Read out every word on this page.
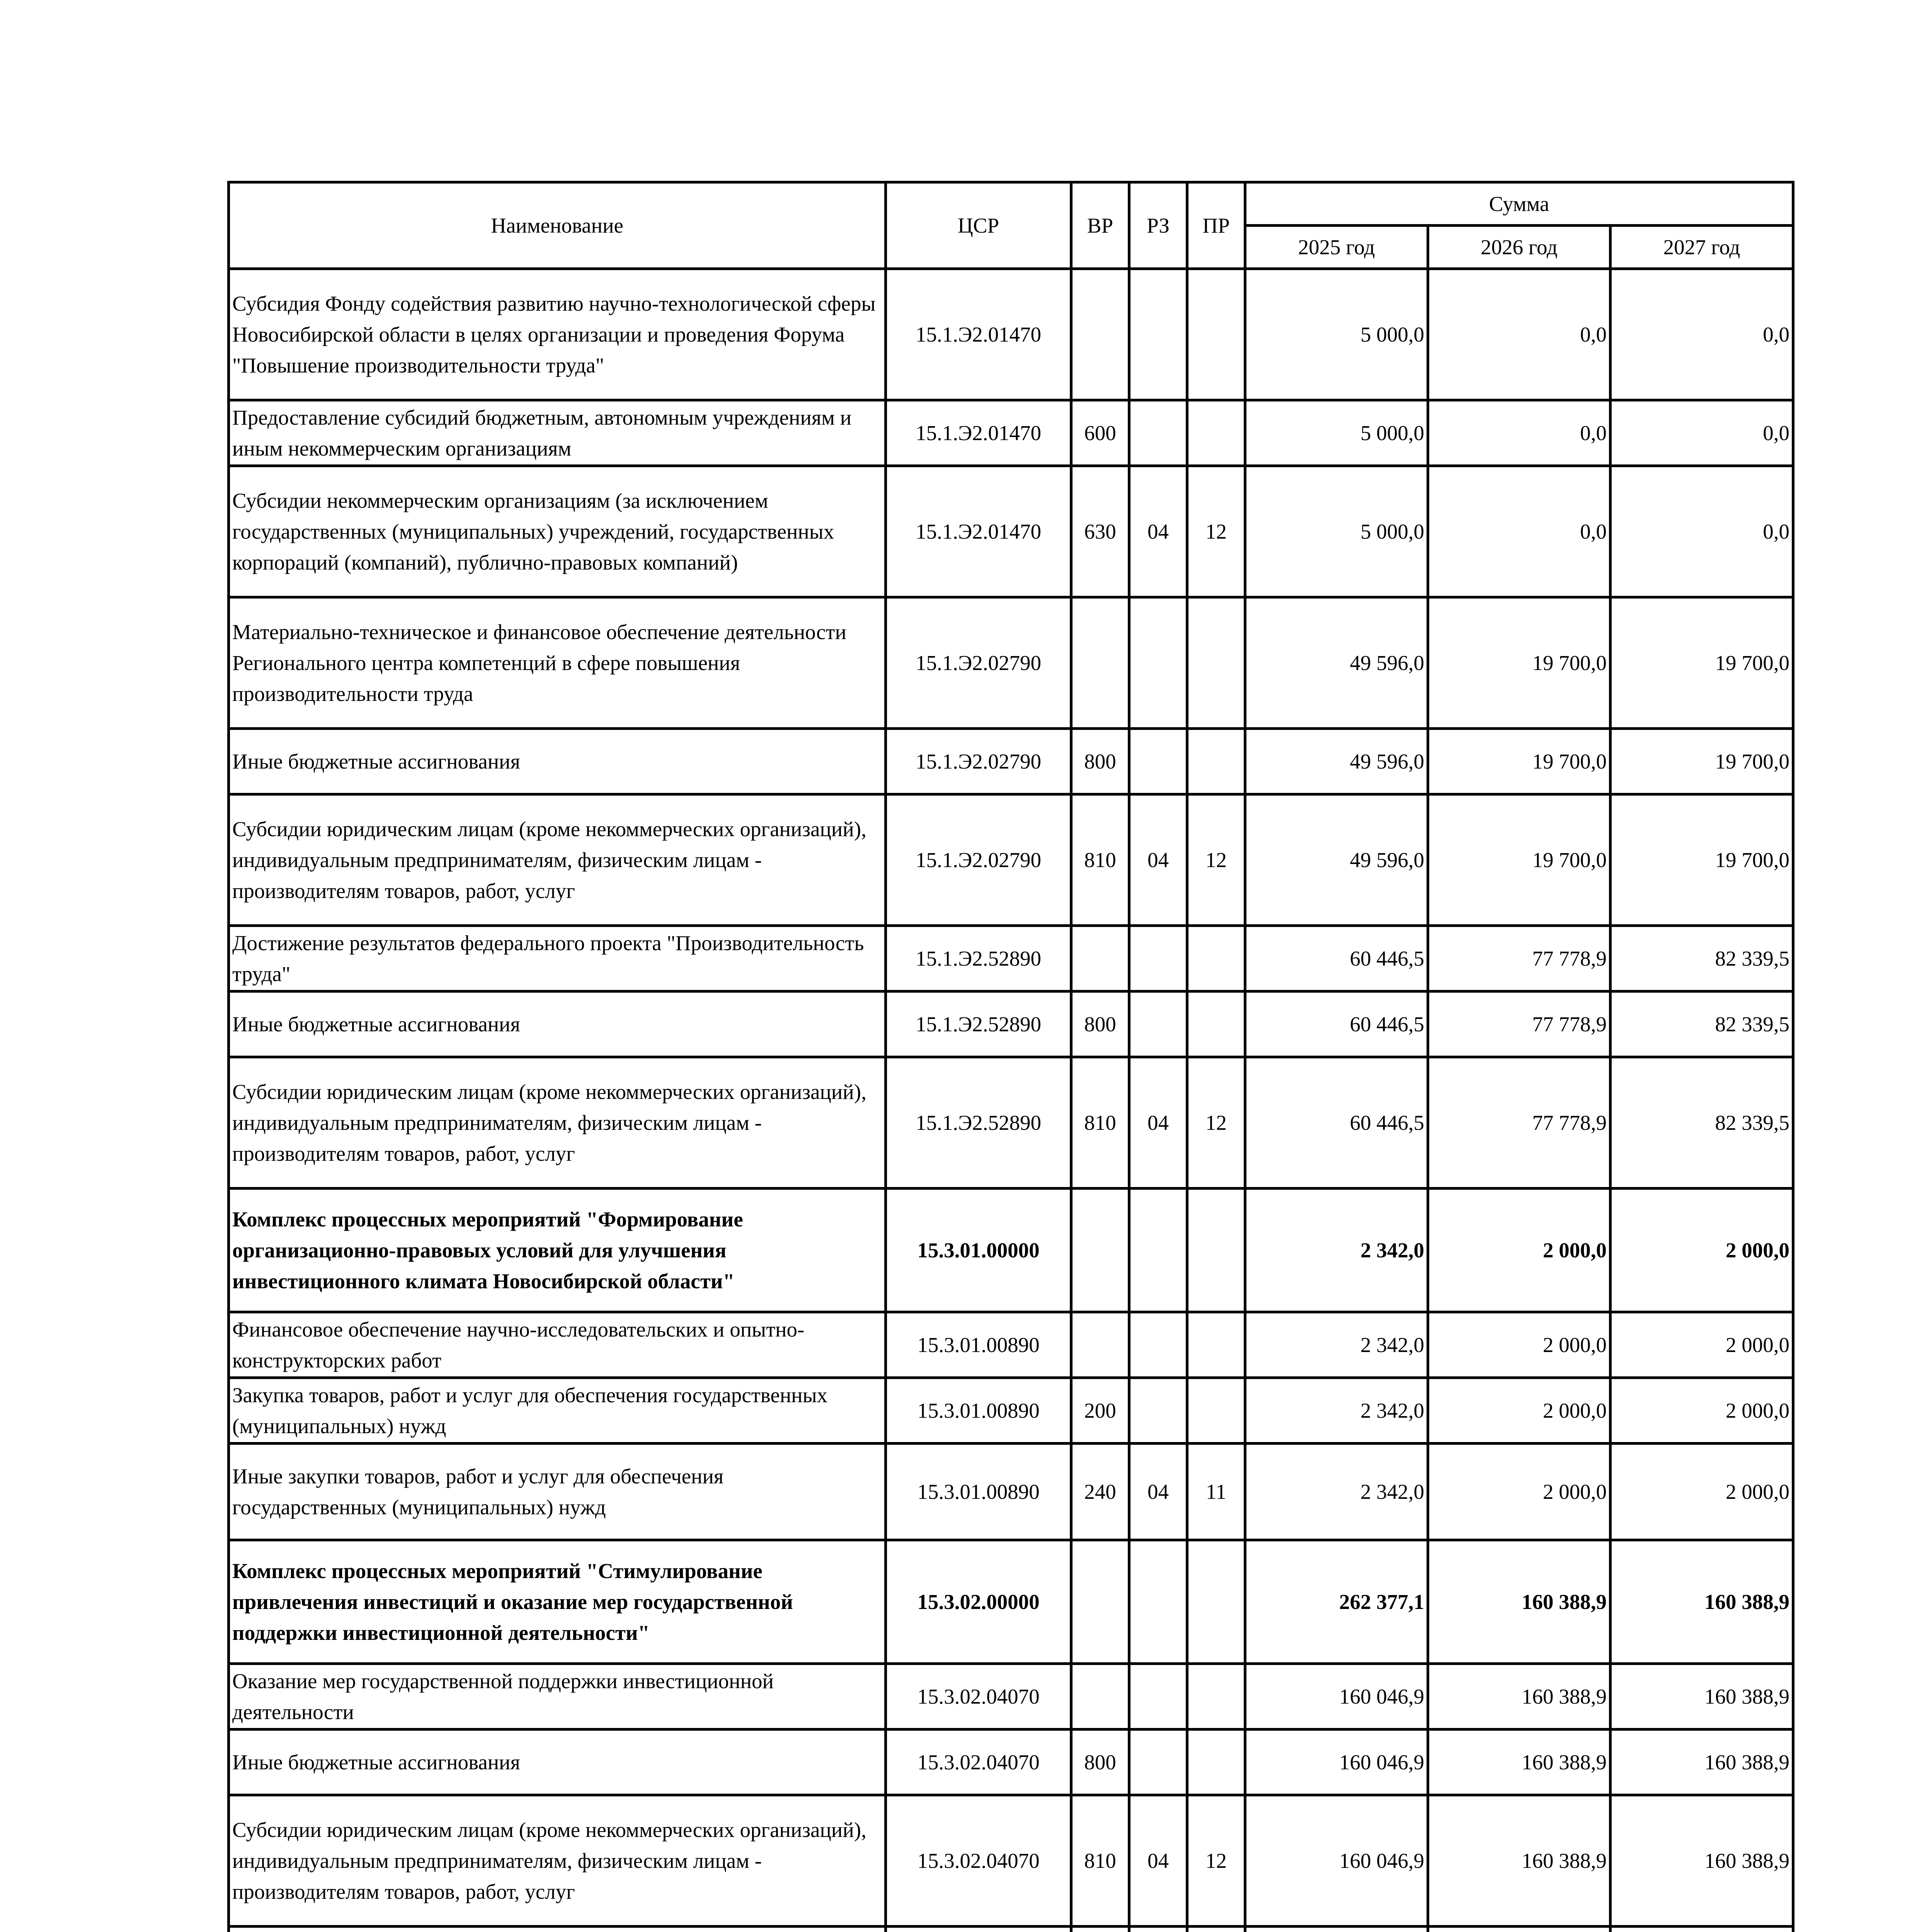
Наименование	ЦСР	ВР	РЗ	ПР	Сумма		
					2025 год	2026 год	2027 год
Субсидия Фонду содействия развитию научно-технологической сферы Новосибирской области в целях организации и проведения Форума "Повышение производительности труда"	15.1.Э2.01470				5 000,0	0,0	0,0
Предоставление субсидий бюджетным, автономным учреждениям и иным некоммерческим организациям	15.1.Э2.01470	600			5 000,0	0,0	0,0
Субсидии некоммерческим организациям (за исключением государственных (муниципальных) учреждений, государственных корпораций (компаний), публично-правовых компаний)	15.1.Э2.01470	630	04	12	5 000,0	0,0	0,0
Материально-техническое и финансовое обеспечение деятельности Регионального центра компетенций в сфере повышения производительности труда	15.1.Э2.02790				49 596,0	19 700,0	19 700,0
Иные бюджетные ассигнования	15.1.Э2.02790	800			49 596,0	19 700,0	19 700,0
Субсидии юридическим лицам (кроме некоммерческих организаций), индивидуальным предпринимателям, физическим лицам - производителям товаров, работ, услуг	15.1.Э2.02790	810	04	12	49 596,0	19 700,0	19 700,0
Достижение результатов федерального проекта "Производительность труда"	15.1.Э2.52890				60 446,5	77 778,9	82 339,5
Иные бюджетные ассигнования	15.1.Э2.52890	800			60 446,5	77 778,9	82 339,5
Субсидии юридическим лицам (кроме некоммерческих организаций), индивидуальным предпринимателям, физическим лицам - производителям товаров, работ, услуг	15.1.Э2.52890	810	04	12	60 446,5	77 778,9	82 339,5
Комплекс процессных мероприятий "Формирование организационно-правовых условий для улучшения инвестиционного климата Новосибирской области"	15.3.01.00000				2 342,0	2 000,0	2 000,0
Финансовое обеспечение научно-исследовательских и опытно-конструкторских работ	15.3.01.00890				2 342,0	2 000,0	2 000,0
Закупка товаров, работ и услуг для обеспечения государственных (муниципальных) нужд	15.3.01.00890	200			2 342,0	2 000,0	2 000,0
Иные закупки товаров, работ и услуг для обеспечения государственных (муниципальных) нужд	15.3.01.00890	240	04	11	2 342,0	2 000,0	2 000,0
Комплекс процессных мероприятий "Стимулирование привлечения инвестиций и оказание мер государственной поддержки инвестиционной деятельности"	15.3.02.00000				262 377,1	160 388,9	160 388,9
Оказание мер государственной поддержки инвестиционной деятельности	15.3.02.04070				160 046,9	160 388,9	160 388,9
Иные бюджетные ассигнования	15.3.02.04070	800			160 046,9	160 388,9	160 388,9
Субсидии юридическим лицам (кроме некоммерческих организаций), индивидуальным предпринимателям, физическим лицам - производителям товаров, работ, услуг	15.3.02.04070	810	04	12	160 046,9	160 388,9	160 388,9
